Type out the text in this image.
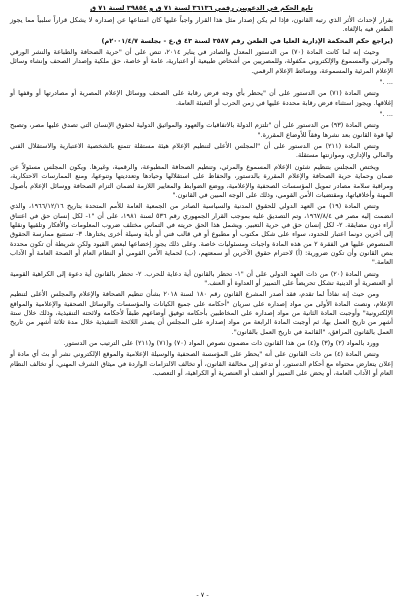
تابع الحكم في الدعويين رقمي ٣٦١٣٦ لسنة ٧١ ق و ٣٩٨٥٤ لسنة ٧١ ق

بقرار لإحداث الأثر الذي رتبه القانون، فإذا لم يكن إصدار مثل هذا القرار واجباً عليها كان امتناعها عن إصداره لا يشكل قراراً سلبياً مما يجوز الطعن فيه بالإلغاء.

(يراجع حكم المحكمة الإدارية العليا في الطعن رقم ٣٥٨٧ لسنة ٤٣ ق.ع - بجلسة ٢٠٠١/٤/٧م)

وحيث إنه لما كانت المادة (٧٠) من الدستور المعدل والصادر في يناير ٢٠١٤، تنص على أن "حرية الصحافة والطباعة والنشر الورقي والمرئي والمسموع والإلكتروني مكفولة، وللمصريين من أشخاص طبيعية أو اعتبارية، عامة أو خاصة، حق ملكية وإصدار الصحف وإنشاء وسائل الإعلام المرئية والمسموعة، ووسائط الإعلام الرقمي.

... ."

وتنص المادة (٧١) من الدستور على أن "يحظر بأي وجه فرض رقابة على الصحف ووسائل الإعلام المصرية أو مصادرتها أو وقفها أو إغلاقها. ويجوز استثناء فرض رقابة محددة عليها في زمن الحرب أو التعبئة العامة.

... ."

وتنص المادة (٩٣) من الدستور على أن "تلتزم الدولة بالاتفاقيات والعهود والمواثيق الدولية لحقوق الإنسان التي تصدق عليها مصر، وتصبح لها قوة القانون بعد نشرها وفقاً للأوضاع المقررة."

وتنص المادة (٢١١) من الدستور على أن "المجلس الأعلى لتنظيم الإعلام هيئة مستقلة تتمتع بالشخصية الاعتبارية والاستقلال الفني والمالي والإداري، وموازنتها مستقلة.

ويختص المجلس بتنظيم شئون الإعلام المسموع والمرئي، وتنظيم الصحافة المطبوعة، والرقمية، وغيرها. ويكون المجلس مسئولاً عن ضمان وحماية حرية الصحافة والإعلام المقررة بالدستور، والحفاظ على استقلالها وحيادها وتعدديتها وتنوعها، ومنع الممارسات الاحتكارية، ومراقبة سلامة مصادر تمويل المؤسسات الصحفية والإعلامية، ووضع الضوابط والمعايير اللازمة لضمان التزام الصحافة ووسائل الإعلام بأصول المهنة وأخلاقياتها، ومقتضيات الأمن القومي، وذلك على الوجه المبين في القانون."

وتنص المادة (١٩) من العهد الدولي للحقوق المدنية والسياسية الصادر من الجمعية العامة للأمم المتحدة بتاريخ ١٩٦٦/١٢/١٦، والذي انضمت إليه مصر في ١٩٦٧/٨/٤، وتم التصديق عليه بموجب القرار الجمهوري رقم ٥٣٦ لسنة ١٩٨١، على أن "١- لكل إنسان حق في اعتناق آراء دون مضايقة. ٢- لكل إنسان حق في حرية التعبير. ويشمل هذا الحق حريته في التماس مختلف ضروب المعلومات والأفكار وتلقيها ونقلها إلى آخرين دونما اعتبار للحدود، سواء على شكل مكتوب أو مطبوع أو في قالب فني أو بأية وسيلة أخرى يختارها. ٣- تستتبع ممارسة الحقوق المنصوص عليها في الفقرة ٢ من هذه المادة واجبات ومسئوليات خاصة. وعلى ذلك يجوز إخضاعها لبعض القيود ولكن شريطة أن تكون محددة بنص القانون وأن تكون ضرورية: (أ) لاحترام حقوق الآخرين أو سمعتهم، (ب) لحماية الأمن القومي أو النظام العام أو الصحة العامة أو الآداب العامة."

وتنص المادة (٢٠) من ذات العهد الدولي على أن "١- تحظر بالقانون أية دعاية للحرب. ٢- تحظر بالقانون أية دعوة إلى الكراهية القومية أو العنصرية أو الدينية تشكل تحريضاً على التمييز أو العداوة أو العنف."

ومن حيث إنه نفاذاً لما تقدم، فقد أصدر المشرع القانون رقم ١٨٠ لسنة ٢٠١٨ بشأن تنظيم الصحافة والإعلام والمجلس الأعلى لتنظيم الإعلام، ونصت المادة الأولى من مواد إصداره على سريان "أحكامه على جميع الكيانات والمؤسسات والوسائل الصحفية والإعلامية والمواقع الإلكترونية" وأوجبت المادة الثانية من مواد إصداره على المخاطبين بأحكامه توفيق أوضاعهم طبقاً لأحكامه ولائحته التنفيذية، وذلك خلال ستة أشهر من تاريخ العمل بها، ثم أوجبت المادة الرابعة من مواد إصداره على المجلس أن يصدر اللائحة التنفيذية خلال مدة ثلاثة أشهر من تاريخ العمل بالقانون المرافق، "القائمة في تاريخ العمل بالقانون".

وورد بالمواد (٢) و(٣) و(٤) من هذا القانون ذات مضمون نصوص المواد (٧٠) و(٧١) و(٢١١) على الترتيب من الدستور.

وتنص المادة (٤) من ذات القانون على أنه "يحظر على المؤسسة الصحفية والوسيلة الإعلامية والموقع الإلكتروني نشر أو بث أي مادة أو إعلان يتعارض محتواه مع أحكام الدستور، أو تدعو إلى مخالفة القانون، أو تخالف الالتزامات الواردة في ميثاق الشرف المهني، أو تخالف النظام العام أو الآداب العامة، أو يحض على التمييز أو العنف أو العنصرية أو الكراهية، أو التعصب.

- ٧ -
